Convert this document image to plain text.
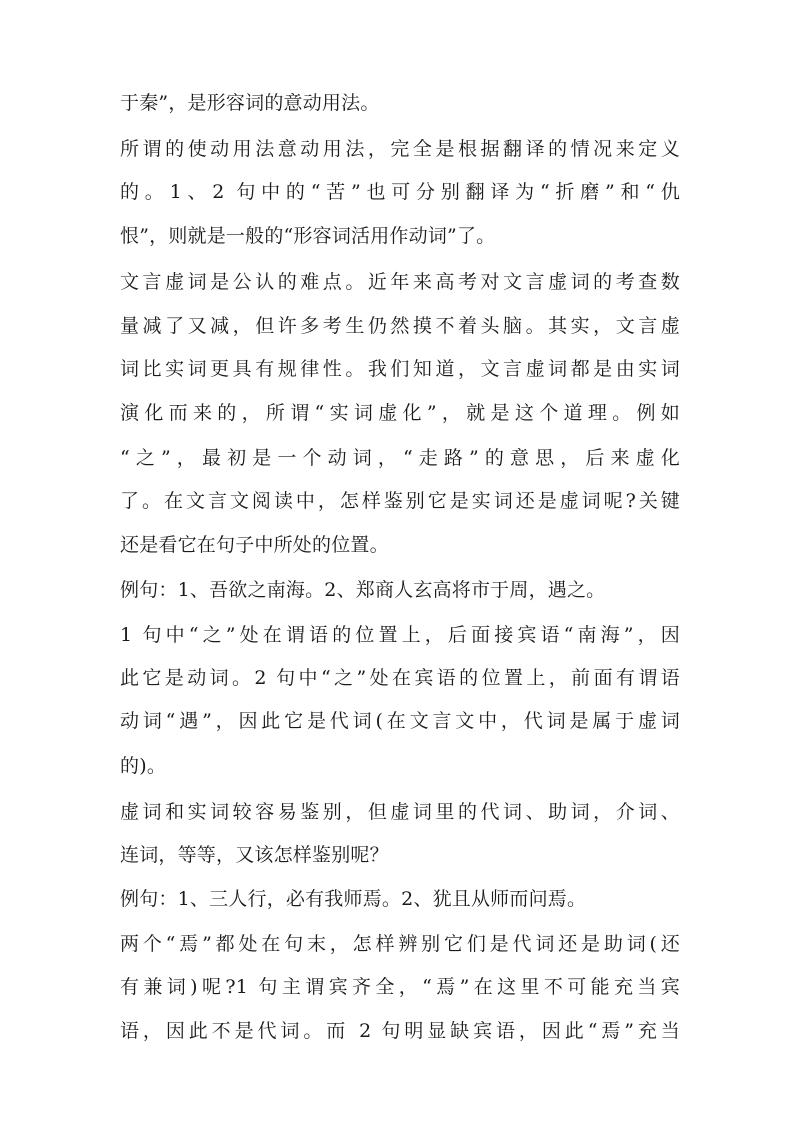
于秦”，是形容词的意动用法。

所谓的使动用法意动用法，完全是根据翻译的情况来定义

的。1、2 句中的“苦”也可分别翻译为“折磨”和“仇

恨”，则就是一般的“形容词活用作动词”了。

文言虚词是公认的难点。近年来高考对文言虚词的考查数

量减了又减，但许多考生仍然摸不着头脑。其实，文言虚

词比实词更具有规律性。我们知道，文言虚词都是由实词

演化而来的，所谓“实词虚化”，就是这个道理。例如

“之”，最初是一个动词，“走路”的意思，后来虚化

了。在文言文阅读中，怎样鉴别它是实词还是虚词呢?关键

还是看它在句子中所处的位置。

例句：1、吾欲之南海。2、郑商人玄高将市于周，遇之。

1 句中“之”处在谓语的位置上，后面接宾语“南海”，因

此它是动词。2 句中“之”处在宾语的位置上，前面有谓语

动词“遇”，因此它是代词(在文言文中，代词是属于虚词

的)。

虚词和实词较容易鉴别，但虚词里的代词、助词，介词、

连词，等等，又该怎样鉴别呢？

例句：1、三人行，必有我师焉。2、犹且从师而问焉。

两个“焉”都处在句末，怎样辨别它们是代词还是助词(还

有兼词)呢?1 句主谓宾齐全，“焉”在这里不可能充当宾

语，因此不是代词。而 2 句明显缺宾语，因此“焉”充当
